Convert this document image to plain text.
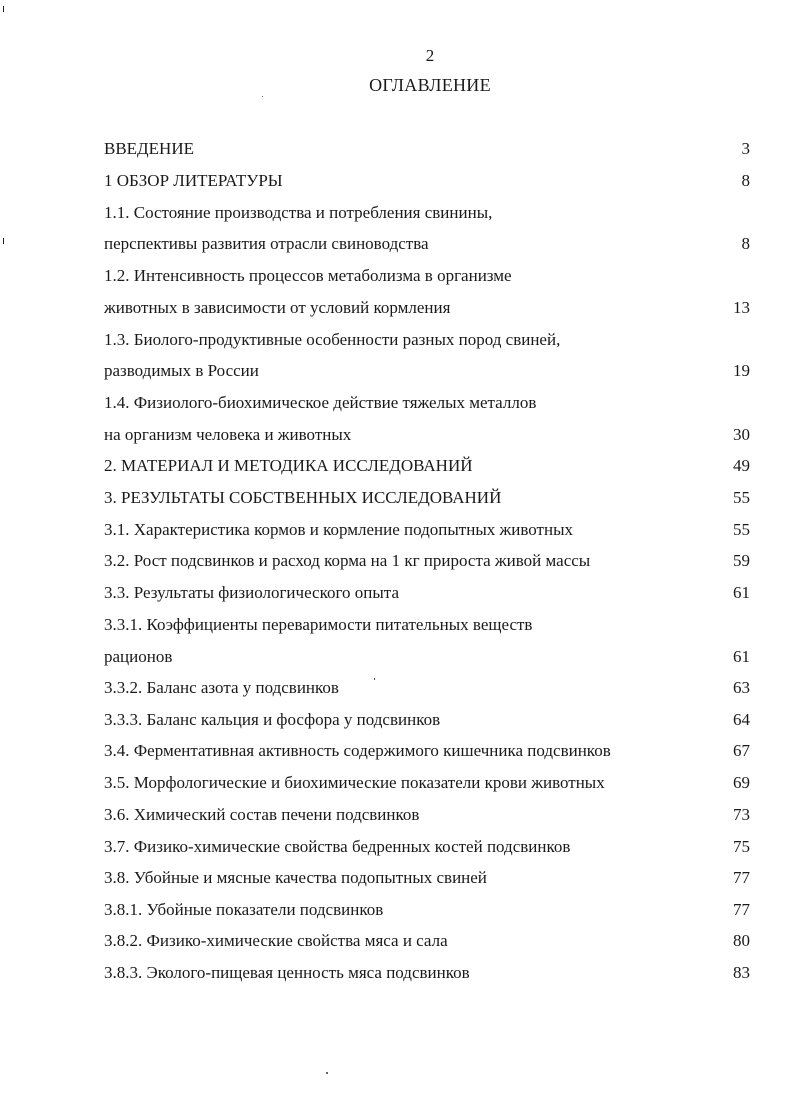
2
ОГЛАВЛЕНИЕ
ВВЕДЕНИЕ	3
1 ОБЗОР ЛИТЕРАТУРЫ	8
1.1. Состояние производства и потребления свинины,
перспективы развития отрасли свиноводства	8
1.2. Интенсивность процессов метаболизма в организме
животных в зависимости от условий кормления	13
1.3. Биолого-продуктивные особенности разных пород свиней,
разводимых в России	19
1.4. Физиолого-биохимическое действие тяжелых металлов
на организм человека и животных	30
2. МАТЕРИАЛ И МЕТОДИКА ИССЛЕДОВАНИЙ	49
3. РЕЗУЛЬТАТЫ СОБСТВЕННЫХ ИССЛЕДОВАНИЙ	55
3.1. Характеристика кормов и кормление подопытных животных	55
3.2. Рост подсвинков и расход корма на 1 кг прироста живой массы	59
3.3. Результаты физиологического опыта	61
3.3.1. Коэффициенты переваримости питательных веществ
рационов	61
3.3.2. Баланс азота у подсвинков	63
3.3.3. Баланс кальция и фосфора у подсвинков	64
3.4. Ферментативная активность содержимого кишечника подсвинков	67
3.5. Морфологические и биохимические показатели крови животных	69
3.6. Химический состав печени подсвинков	73
3.7. Физико-химические свойства бедренных костей подсвинков	75
3.8. Убойные и мясные качества подопытных свиней	77
3.8.1. Убойные показатели подсвинков	77
3.8.2. Физико-химические свойства мяса и сала	80
3.8.3. Эколого-пищевая ценность мяса подсвинков	83
